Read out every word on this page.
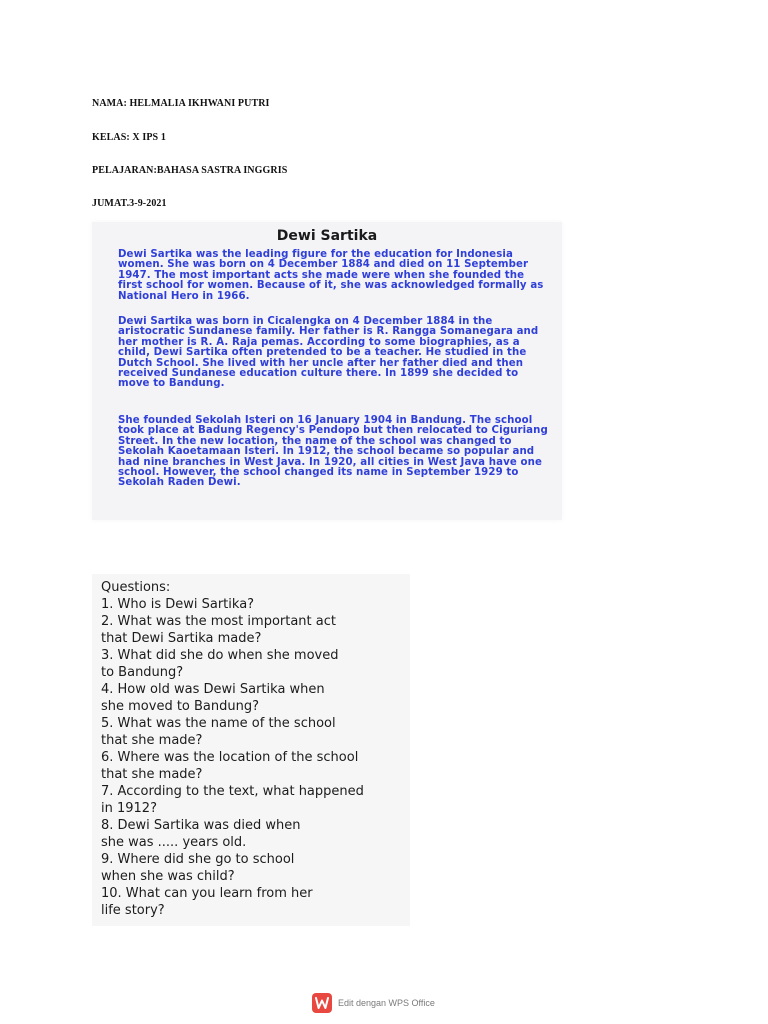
NAMA: HELMALIA IKHWANI PUTRI
KELAS: X IPS 1
PELAJARAN:BAHASA SASTRA INGGRIS
JUMAT.3-9-2021
Dewi Sartika

Dewi Sartika was the leading figure for the education for Indonesia women. She was born on 4 December 1884 and died on 11 September 1947. The most important acts she made were when she founded the first school for women. Because of it, she was acknowledged formally as National Hero in 1966.

Dewi Sartika was born in Cicalengka on 4 December 1884 in the aristocratic Sundanese family. Her father is R. Rangga Somanegara and her mother is R. A. Raja pemas. According to some biographies, as a child, Dewi Sartika often pretended to be a teacher. He studied in the Dutch School. She lived with her uncle after her father died and then received Sundanese education culture there. In 1899 she decided to move to Bandung.

She founded Sekolah Isteri on 16 January 1904 in Bandung. The school took place at Badung Regency's Pendopo but then relocated to Ciguriang Street. In the new location, the name of the school was changed to Sekolah Kaoetamaan Isteri. In 1912, the school became so popular and had nine branches in West Java. In 1920, all cities in West Java have one school. However, the school changed its name in September 1929 to Sekolah Raden Dewi.

Questions:
1. Who is Dewi Sartika?
2. What was the most important act
that Dewi Sartika made?
3. What did she do when she moved
to Bandung?
4. How old was Dewi Sartika when
she moved to Bandung?
5. What was the name of the school
that she made?
6. Where was the location of the school
that she made?
7. According to the text, what happened
in 1912?
8. Dewi Sartika was died when
she was ..... years old.
9. Where did she go to school
when she was child?
10. What can you learn from her
life story?
Edit dengan WPS Office
